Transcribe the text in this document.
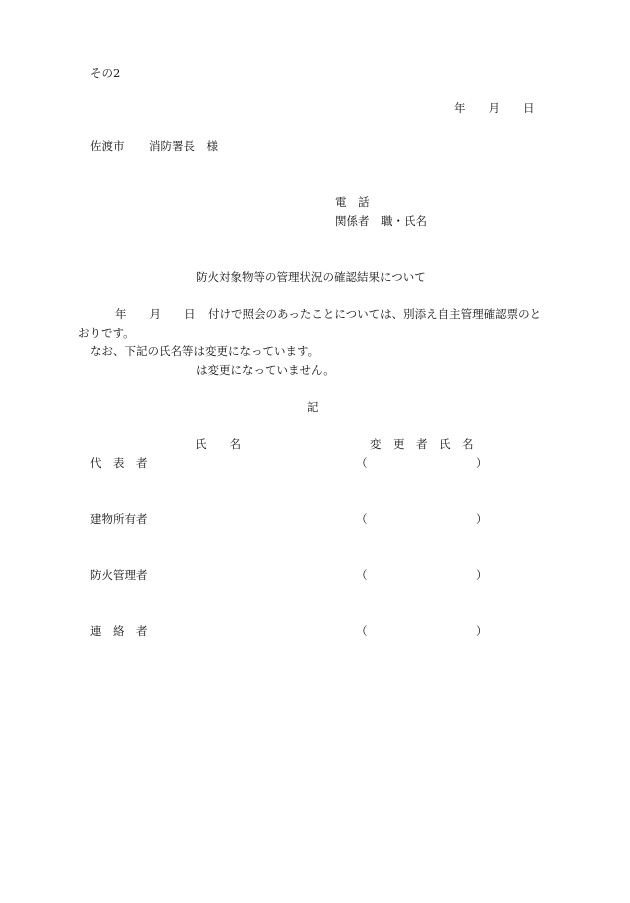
その2
年　　月　　日
佐渡市 消防署長　様
電　話
関係者　職・氏名
防火対象物等の管理状況の確認結果について
年　　月　　日 付けで照会のあったことについては、別添え自主管理確認票のと
おりです。
なお、下記の氏名等は変更になっています。
は変更になっていません。
記
氏　　名	変　更　者　氏　名
代　表　者	（	）
建物所有者	（	）
防火管理者	（	）
連　絡　者	（	）
